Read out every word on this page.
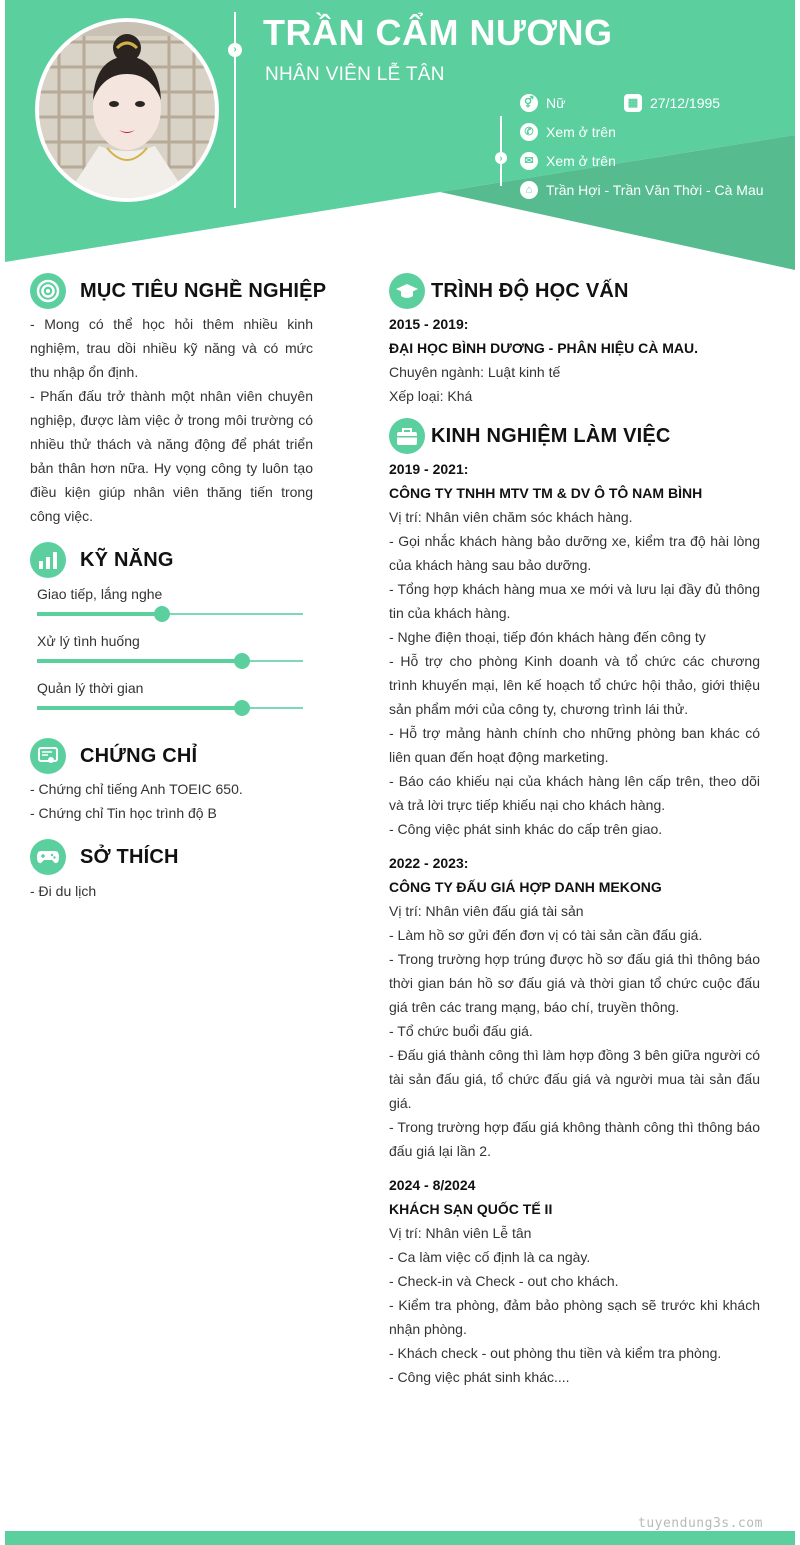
› TRẦN CẨM NƯƠNG
NHÂN VIÊN LỄ TÂN
›
⚥ Nữ	▦ 27/12/1995
✆ Xem ở trên
✉ Xem ở trên
⌂ Trần Hợi - Trần Văn Thời - Cà Mau
MỤC TIÊU NGHỀ NGHIỆP

- Mong có thể học hỏi thêm nhiều kinh nghiệm, trau dồi nhiều kỹ năng và có mức thu nhập ổn định.

- Phấn đấu trở thành một nhân viên chuyên nghiệp, được làm việc ở trong môi trường có nhiều thử thách và năng động để phát triển bản thân hơn nữa. Hy vọng công ty luôn tạo điều kiện giúp nhân viên thăng tiến trong công việc.

KỸ NĂNG
Giao tiếp, lắng nghe
Xử lý tình huống
Quản lý thời gian
CHỨNG CHỈ

- Chứng chỉ tiếng Anh TOEIC 650.

- Chứng chỉ Tin học trình độ B

SỞ THÍCH

- Đi du lịch

TRÌNH ĐỘ HỌC VẤN

2015 - 2019:

ĐẠI HỌC BÌNH DƯƠNG - PHÂN HIỆU CÀ MAU.

Chuyên ngành: Luật kinh tế

Xếp loại: Khá

KINH NGHIỆM LÀM VIỆC

2019 - 2021:

CÔNG TY TNHH MTV TM & DV Ô TÔ NAM BÌNH

Vị trí: Nhân viên chăm sóc khách hàng.

- Gọi nhắc khách hàng bảo dưỡng xe, kiểm tra độ hài lòng của khách hàng sau bảo dưỡng.

- Tổng hợp khách hàng mua xe mới và lưu lại đầy đủ thông tin của khách hàng.

- Nghe điện thoại, tiếp đón khách hàng đến công ty

- Hỗ trợ cho phòng Kinh doanh và tổ chức các chương trình khuyến mại, lên kế hoạch tổ chức hội thảo, giới thiệu sản phẩm mới của công ty, chương trình lái thử.

- Hỗ trợ mảng hành chính cho những phòng ban khác có liên quan đến hoạt động marketing.

- Báo cáo khiếu nại của khách hàng lên cấp trên, theo dõi và trả lời trực tiếp khiếu nại cho khách hàng.

- Công việc phát sinh khác do cấp trên giao.

2022 - 2023:

CÔNG TY ĐẤU GIÁ HỢP DANH MEKONG

Vị trí: Nhân viên đấu giá tài sản

- Làm hồ sơ gửi đến đơn vị có tài sản cần đấu giá.

- Trong trường hợp trúng được hồ sơ đấu giá thì thông báo thời gian bán hồ sơ đấu giá và thời gian tổ chức cuộc đấu giá trên các trang mạng, báo chí, truyền thông.

- Tổ chức buổi đấu giá.

- Đấu giá thành công thì làm hợp đồng 3 bên giữa người có tài sản đấu giá, tổ chức đấu giá và người mua tài sản đấu giá.

- Trong trường hợp đấu giá không thành công thì thông báo đấu giá lại lần 2.

2024 - 8/2024

KHÁCH SẠN QUỐC TẾ II

Vị trí: Nhân viên Lễ tân

- Ca làm việc cố định là ca ngày.

- Check-in và Check - out cho khách.

- Kiểm tra phòng, đảm bảo phòng sạch sẽ trước khi khách nhận phòng.

- Khách check - out phòng thu tiền và kiểm tra phòng.

- Công việc phát sinh khác....

tuyendung3s.com
